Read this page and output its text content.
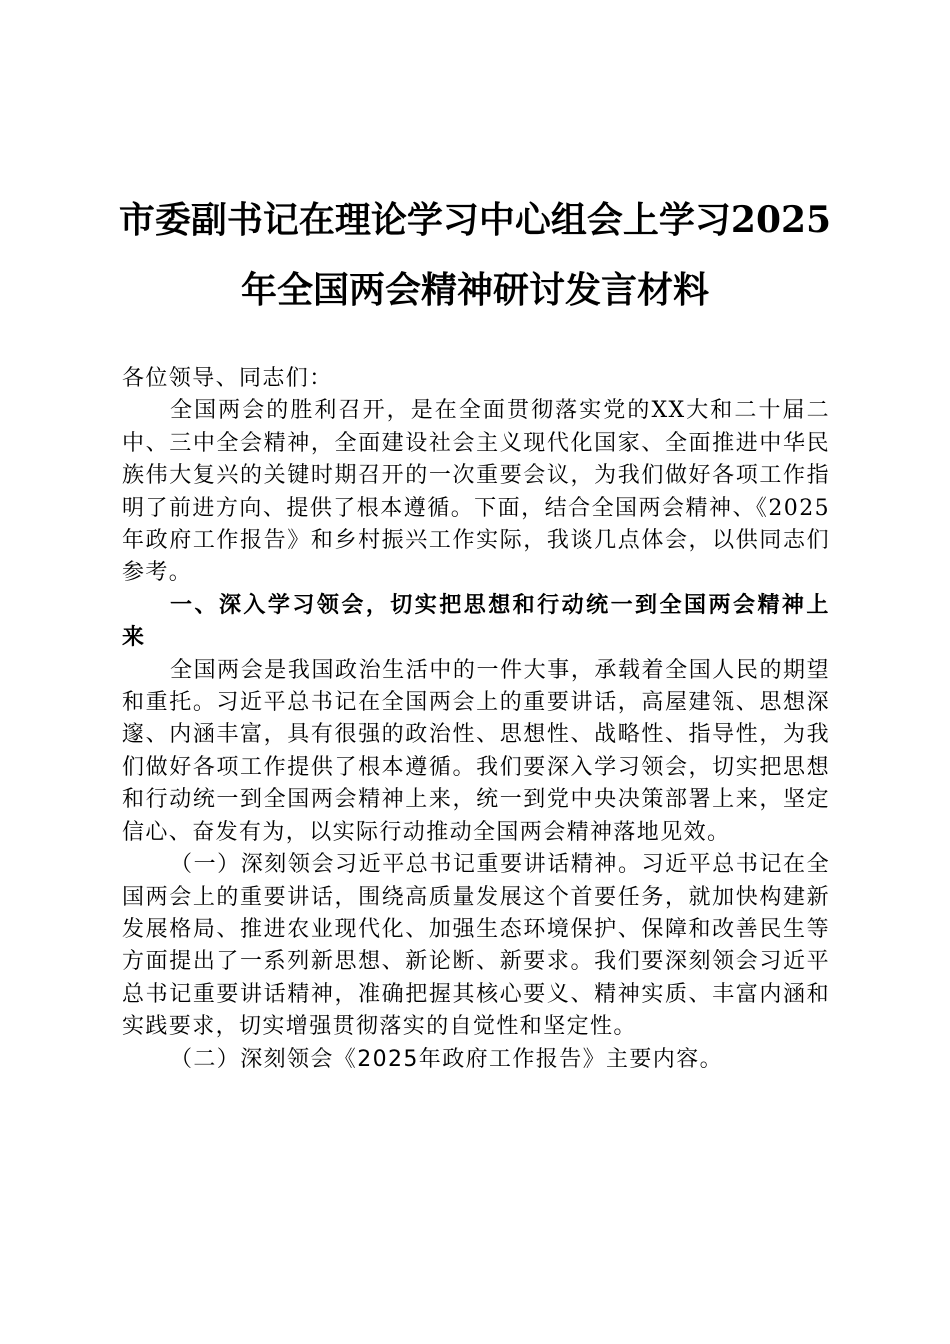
市委副书记在理论学习中心组会上学习2025
年全国两会精神研讨发言材料

各位领导、同志们：

全国两会的胜利召开，是在全面贯彻落实党的XX大和二十届二中、三中全会精神，全面建设社会主义现代化国家、全面推进中华民族伟大复兴的关键时期召开的一次重要会议，为我们做好各项工作指明了前进方向、提供了根本遵循。下面，结合全国两会精神、《2025年政府工作报告》和乡村振兴工作实际，我谈几点体会，以供同志们参考。

一、深入学习领会，切实把思想和行动统一到全国两会精神上来

全国两会是我国政治生活中的一件大事，承载着全国人民的期望和重托。习近平总书记在全国两会上的重要讲话，高屋建瓴、思想深邃、内涵丰富，具有很强的政治性、思想性、战略性、指导性，为我们做好各项工作提供了根本遵循。我们要深入学习领会，切实把思想和行动统一到全国两会精神上来，统一到党中央决策部署上来，坚定信心、奋发有为，以实际行动推动全国两会精神落地见效。

（一）深刻领会习近平总书记重要讲话精神。习近平总书记在全国两会上的重要讲话，围绕高质量发展这个首要任务，就加快构建新发展格局、推进农业现代化、加强生态环境保护、保障和改善民生等方面提出了一系列新思想、新论断、新要求。我们要深刻领会习近平总书记重要讲话精神，准确把握其核心要义、精神实质、丰富内涵和实践要求，切实增强贯彻落实的自觉性和坚定性。

（二）深刻领会《2025年政府工作报告》主要内容。
